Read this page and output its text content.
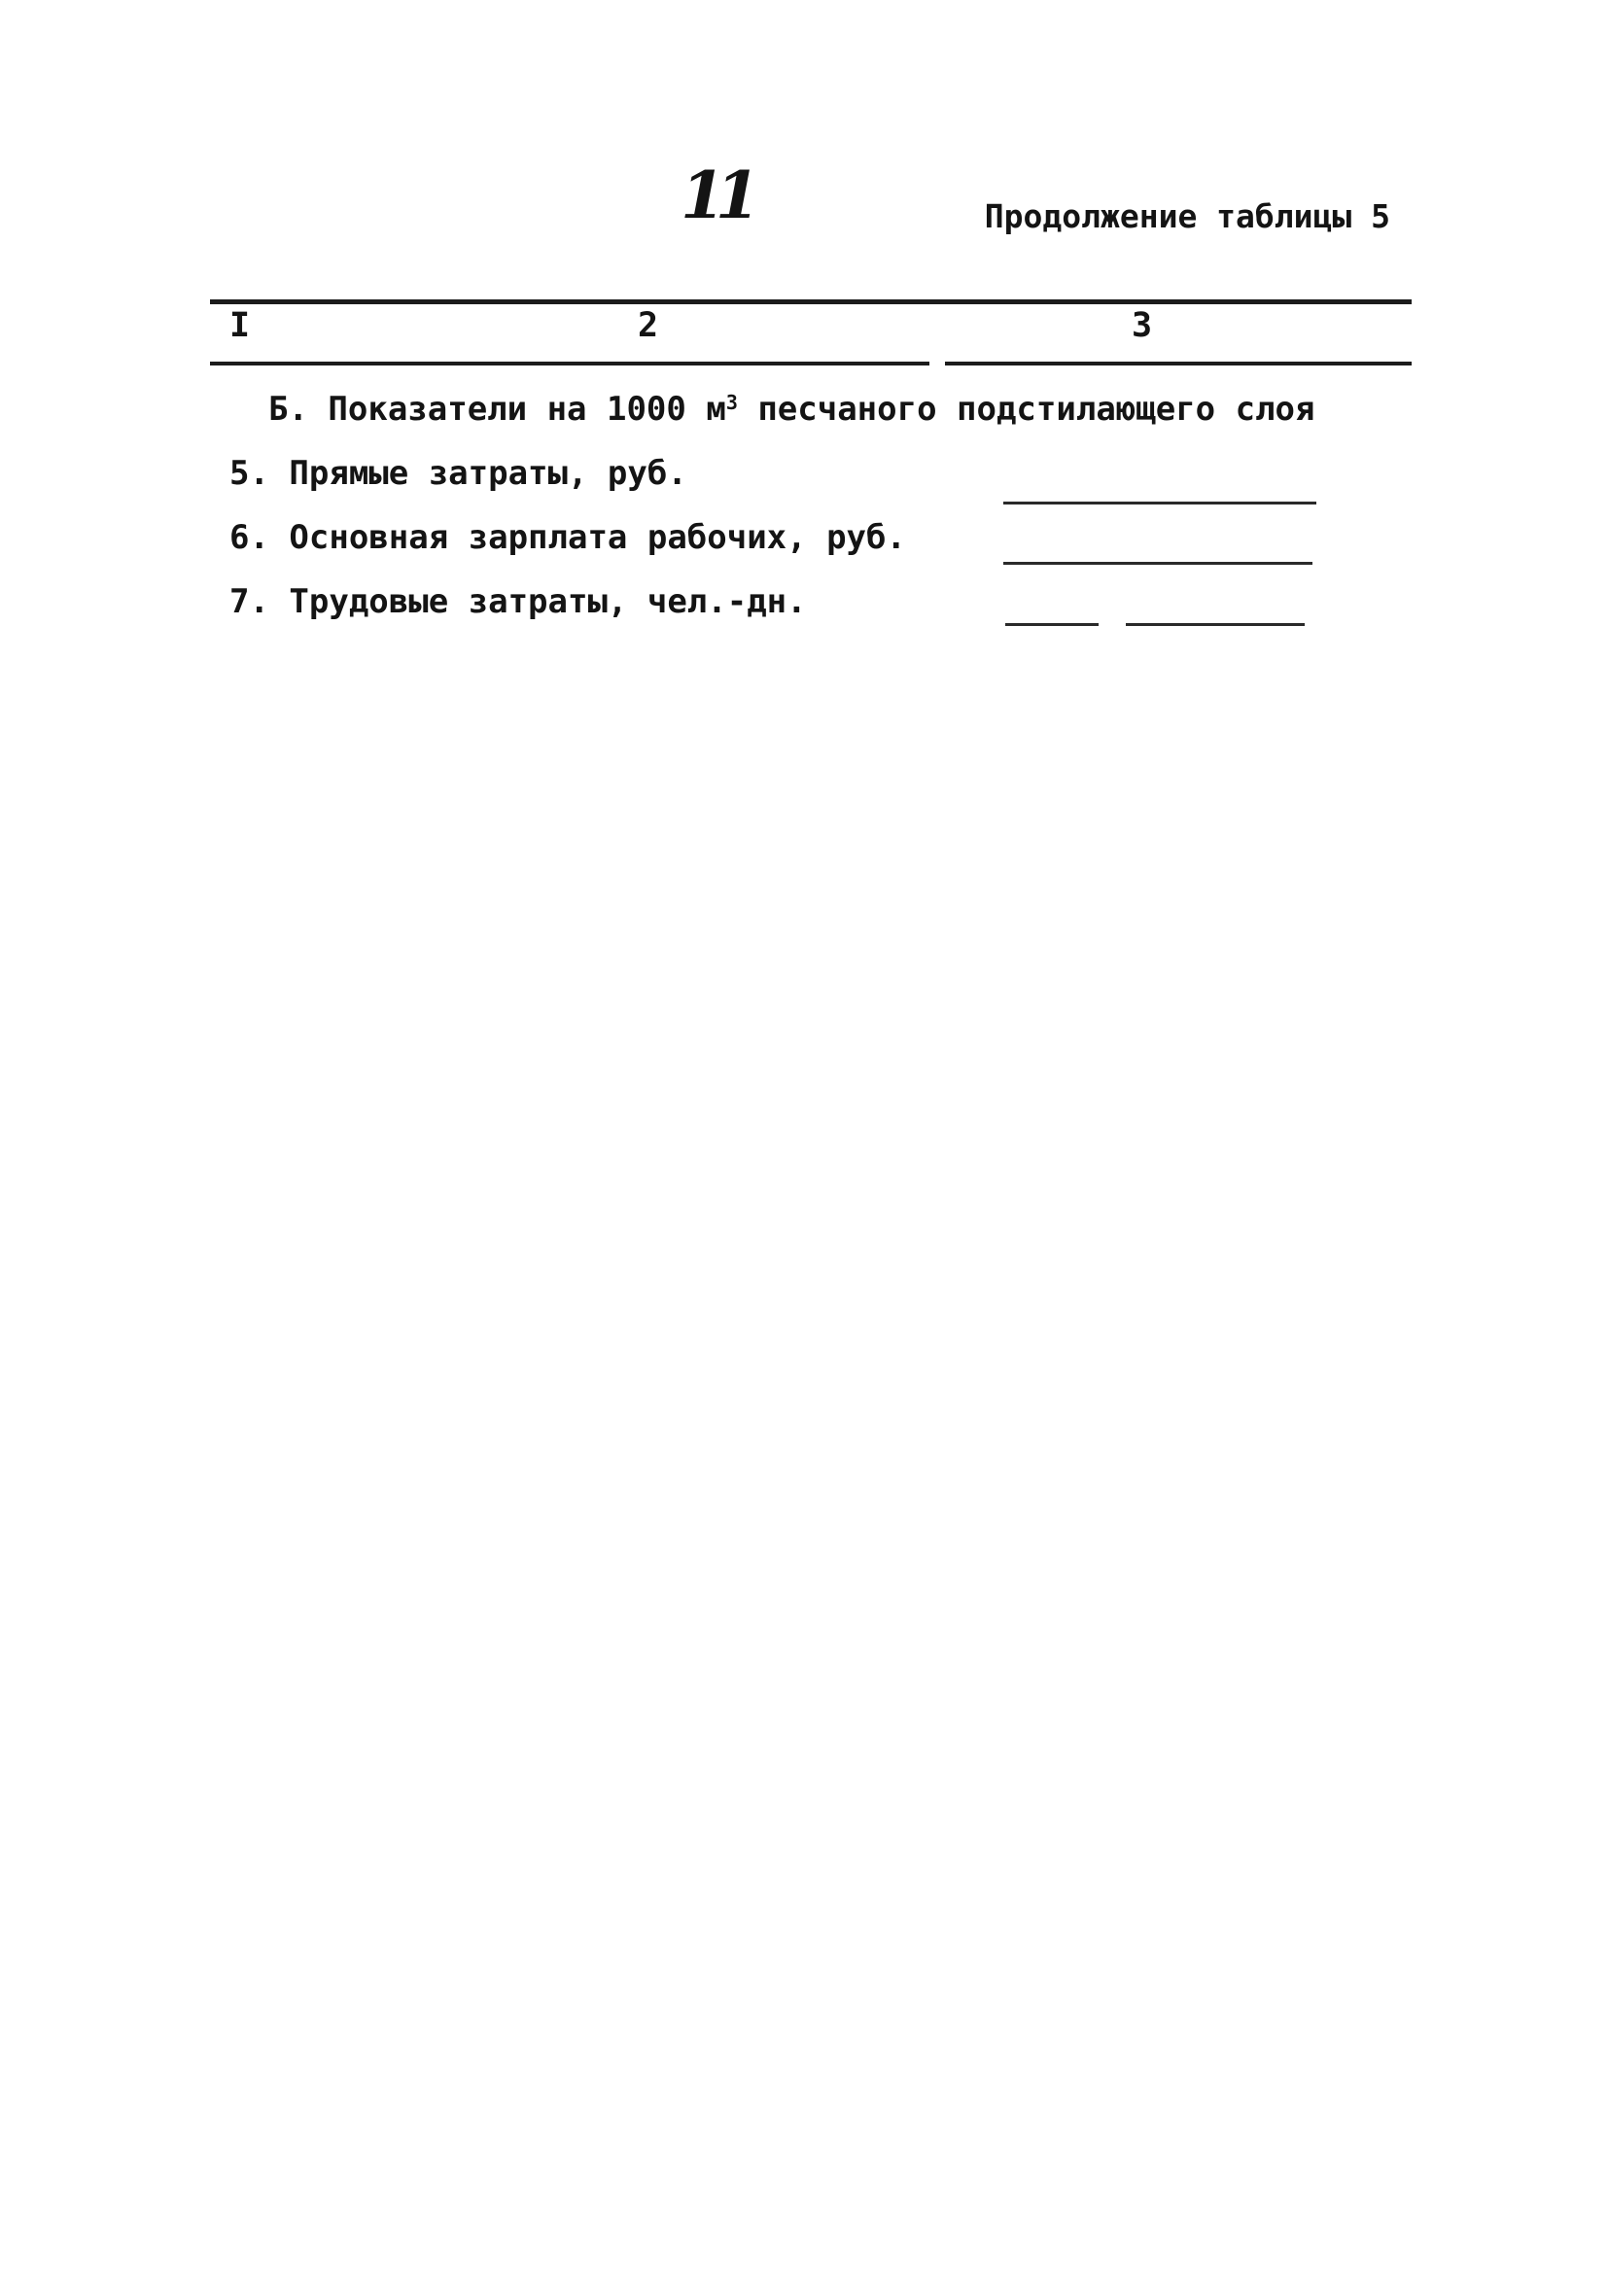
11	Продолжение таблицы 5
I	2	3
Б. Показатели на 1000 $м^3$ песчаного подстилающего слоя
5. Прямые затраты, руб.
6. Основная зарплата рабочих, руб.
7. Трудовые затраты, чел.-дн.
